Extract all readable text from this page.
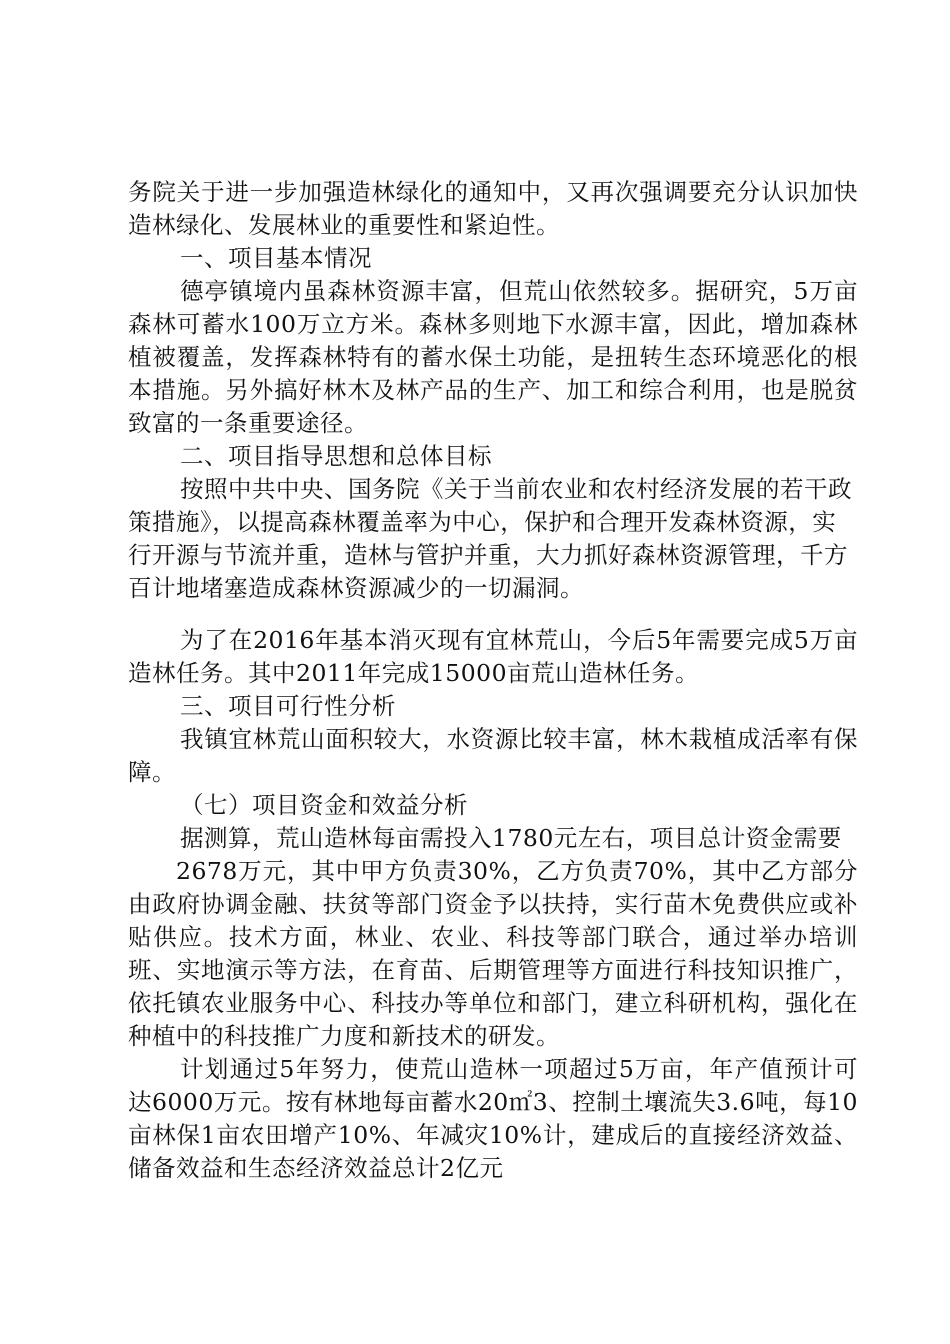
务院关于进一步加强造林绿化的通知中，又再次强调要充分认识加快造林绿化、发展林业的重要性和紧迫性。

一、项目基本情况

德亭镇境内虽森林资源丰富，但荒山依然较多。据研究，5万亩森林可蓄水100万立方米。森林多则地下水源丰富，因此，增加森林植被覆盖，发挥森林特有的蓄水保土功能，是扭转生态环境恶化的根本措施。另外搞好林木及林产品的生产、加工和综合利用，也是脱贫致富的一条重要途径。

二、项目指导思想和总体目标

按照中共中央、国务院《关于当前农业和农村经济发展的若干政策措施》，以提高森林覆盖率为中心，保护和合理开发森林资源，实行开源与节流并重，造林与管护并重，大力抓好森林资源管理，千方百计地堵塞造成森林资源减少的一切漏洞。

为了在2016年基本消灭现有宜林荒山，今后5年需要完成5万亩造林任务。其中2011年完成15000亩荒山造林任务。

三、项目可行性分析

我镇宜林荒山面积较大，水资源比较丰富，林木栽植成活率有保障。

（七）项目资金和效益分析

据测算，荒山造林每亩需投入1780元左右，项目总计资金需要

2678万元，其中甲方负责30%，乙方负责70%，其中乙方部分由政府协调金融、扶贫等部门资金予以扶持，实行苗木免费供应或补贴供应。技术方面，林业、农业、科技等部门联合，通过举办培训班、实地演示等方法，在育苗、后期管理等方面进行科技知识推广，依托镇农业服务中心、科技办等单位和部门，建立科研机构，强化在种植中的科技推广力度和新技术的研发。

计划通过5年努力，使荒山造林一项超过5万亩，年产值预计可达6000万元。按有林地每亩蓄水20㎡3、控制土壤流失3.6吨，每10亩林保1亩农田增产10%、年减灾10%计，建成后的直接经济效益、储备效益和生态经济效益总计2亿元
